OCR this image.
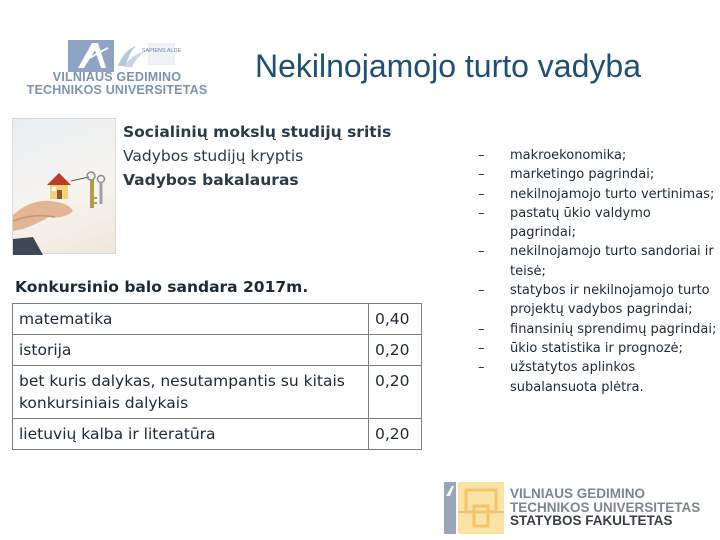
SAPIENS ALDE
VILNIAUS GEDIMINO
TECHNIKOS UNIVERSITETAS
Nekilnojamojo turto vadyba
Socialinių mokslų studijų sritis
Vadybos studijų kryptis
Vadybos bakalauras
Konkursinio balo sandara 2017m.
matematika	0,40
istorija	0,20
bet kuris dalykas, nesutampantis su kitais konkursiniais dalykais	0,20
lietuvių kalba ir literatūra	0,20
– makroekonomika;
– marketingo pagrindai;
– nekilnojamojo turto vertinimas;
– pastatų ūkio valdymo pagrindai;
– nekilnojamojo turto sandoriai ir teisė;
– statybos ir nekilnojamojo turto projektų vadybos pagrindai;
– finansinių sprendimų pagrindai;
– ūkio statistika ir prognozė;
– užstatytos aplinkos subalansuota plėtra.
VILNIAUS GEDIMINO
TECHNIKOS UNIVERSITETAS
STATYBOS FAKULTETAS
